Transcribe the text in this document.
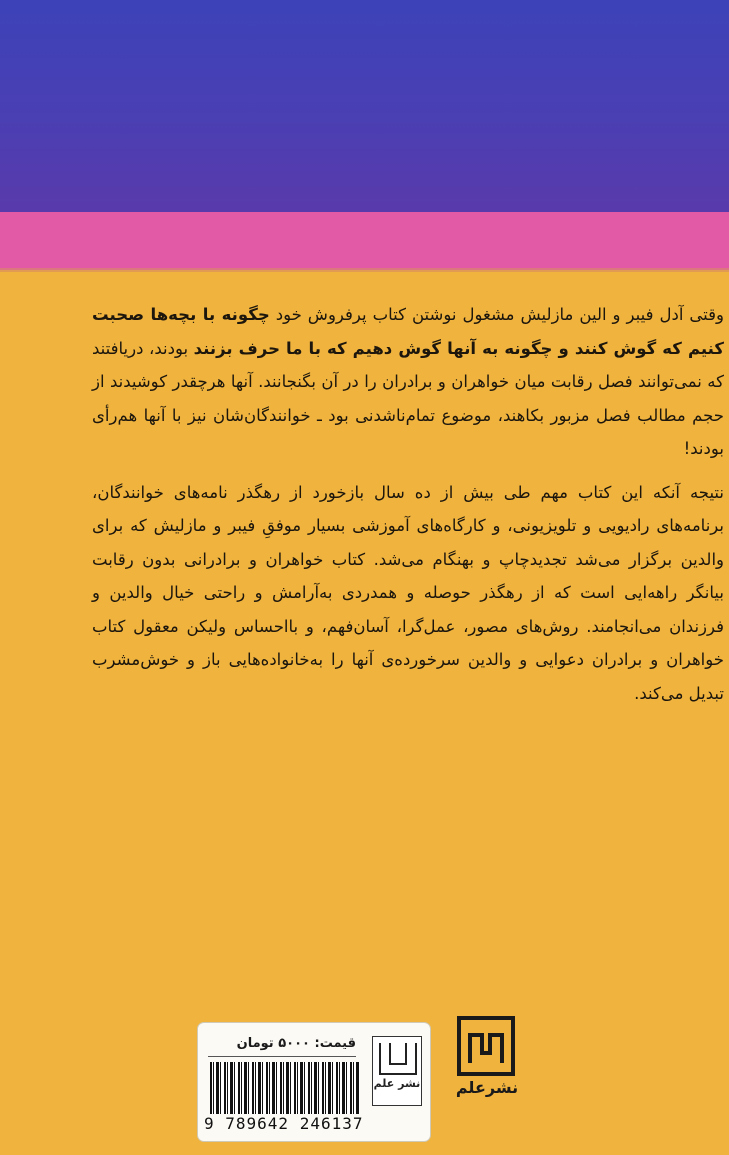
وقتی آدل فیبر و الین مازلیش مشغول نوشتن کتاب پرفروش خود چگونه با بچه‌ها صحبت کنیم که گوش کنند و چگونه به آنها گوش دهیم که با ما حرف بزنند بودند، دریافتند که نمی‌توانند فصل رقابت میان خواهران و برادران را در آن بگنجانند. آنها هرچقدر کوشیدند از حجم مطالب فصل مزبور بکاهند، موضوع تمام‌ناشدنی بود ـ خوانندگان‌شان نیز با آنها هم‌رأی بودند!

نتیجه آنکه این کتاب مهم طی بیش از ده سال بازخورد از رهگذر نامه‌های خوانندگان، برنامه‌های رادیویی و تلویزیونی، و کارگاه‌های آموزشی بسیار موفقِ فیبر و مازلیش که برای والدین برگزار می‌شد تجدیدچاپ و بهنگام می‌شد. کتاب خواهران و برادرانی بدون رقابت بیانگر راهه‌ایی است که از رهگذر حوصله و همدردی به‌آرامش و راحتی خیال والدین و فرزندان می‌انجامند. روش‌های مصور، عمل‌گرا، آسان‌فهم، و بااحساس ولیکن معقول کتاب خواهران و برادران دعوایی و والدین سرخورده‌ی آنها را به‌خانواده‌هایی باز و خوش‌مشرب تبدیل می‌کند.

قیمت: ۵۰۰۰ تومان
نشر علم
9 789642 246137
نشرعلم
